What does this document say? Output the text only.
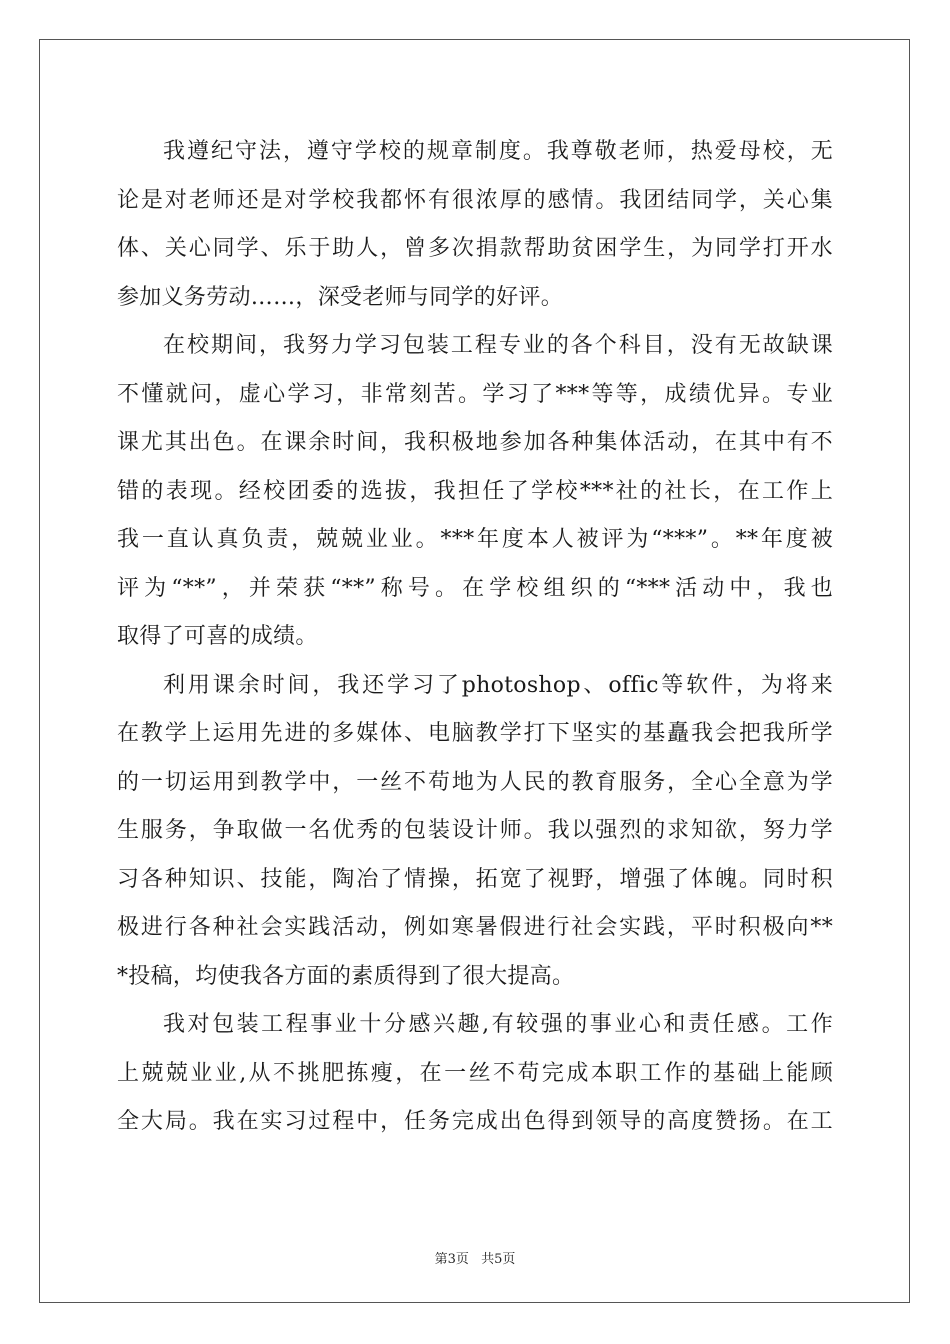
我遵纪守法，遵守学校的规章制度。我尊敬老师，热爱母校，无
论是对老师还是对学校我都怀有很浓厚的感情。我团结同学，关心集
体、关心同学、乐于助人，曾多次捐款帮助贫困学生，为同学打开水
参加义务劳动……，深受老师与同学的好评。
在校期间，我努力学习包装工程专业的各个科目，没有无故缺课
不懂就问，虚心学习，非常刻苦。学习了***等等，成绩优异。专业
课尤其出色。在课余时间，我积极地参加各种集体活动，在其中有不
错的表现。经校团委的选拔，我担任了学校***社的社长，在工作上
我一直认真负责，兢兢业业。***年度本人被评为“***”。**年度被
评为“**”，并荣获“**”称号。在学校组织的“***活动中，我也
取得了可喜的成绩。
利用课余时间，我还学习了photoshop、offic等软件，为将来
在教学上运用先进的多媒体、电脑教学打下坚实的基矗我会把我所学
的一切运用到教学中，一丝不苟地为人民的教育服务，全心全意为学
生服务，争取做一名优秀的包装设计师。我以强烈的求知欲，努力学
习各种知识、技能，陶冶了情操，拓宽了视野，增强了体魄。同时积
极进行各种社会实践活动，例如寒暑假进行社会实践，平时积极向**
*投稿，均使我各方面的素质得到了很大提高。
我对包装工程事业十分感兴趣,有较强的事业心和责任感。工作
上兢兢业业,从不挑肥拣瘦，在一丝不苟完成本职工作的基础上能顾
全大局。我在实习过程中，任务完成出色得到领导的高度赞扬。在工
第3页 共5页
